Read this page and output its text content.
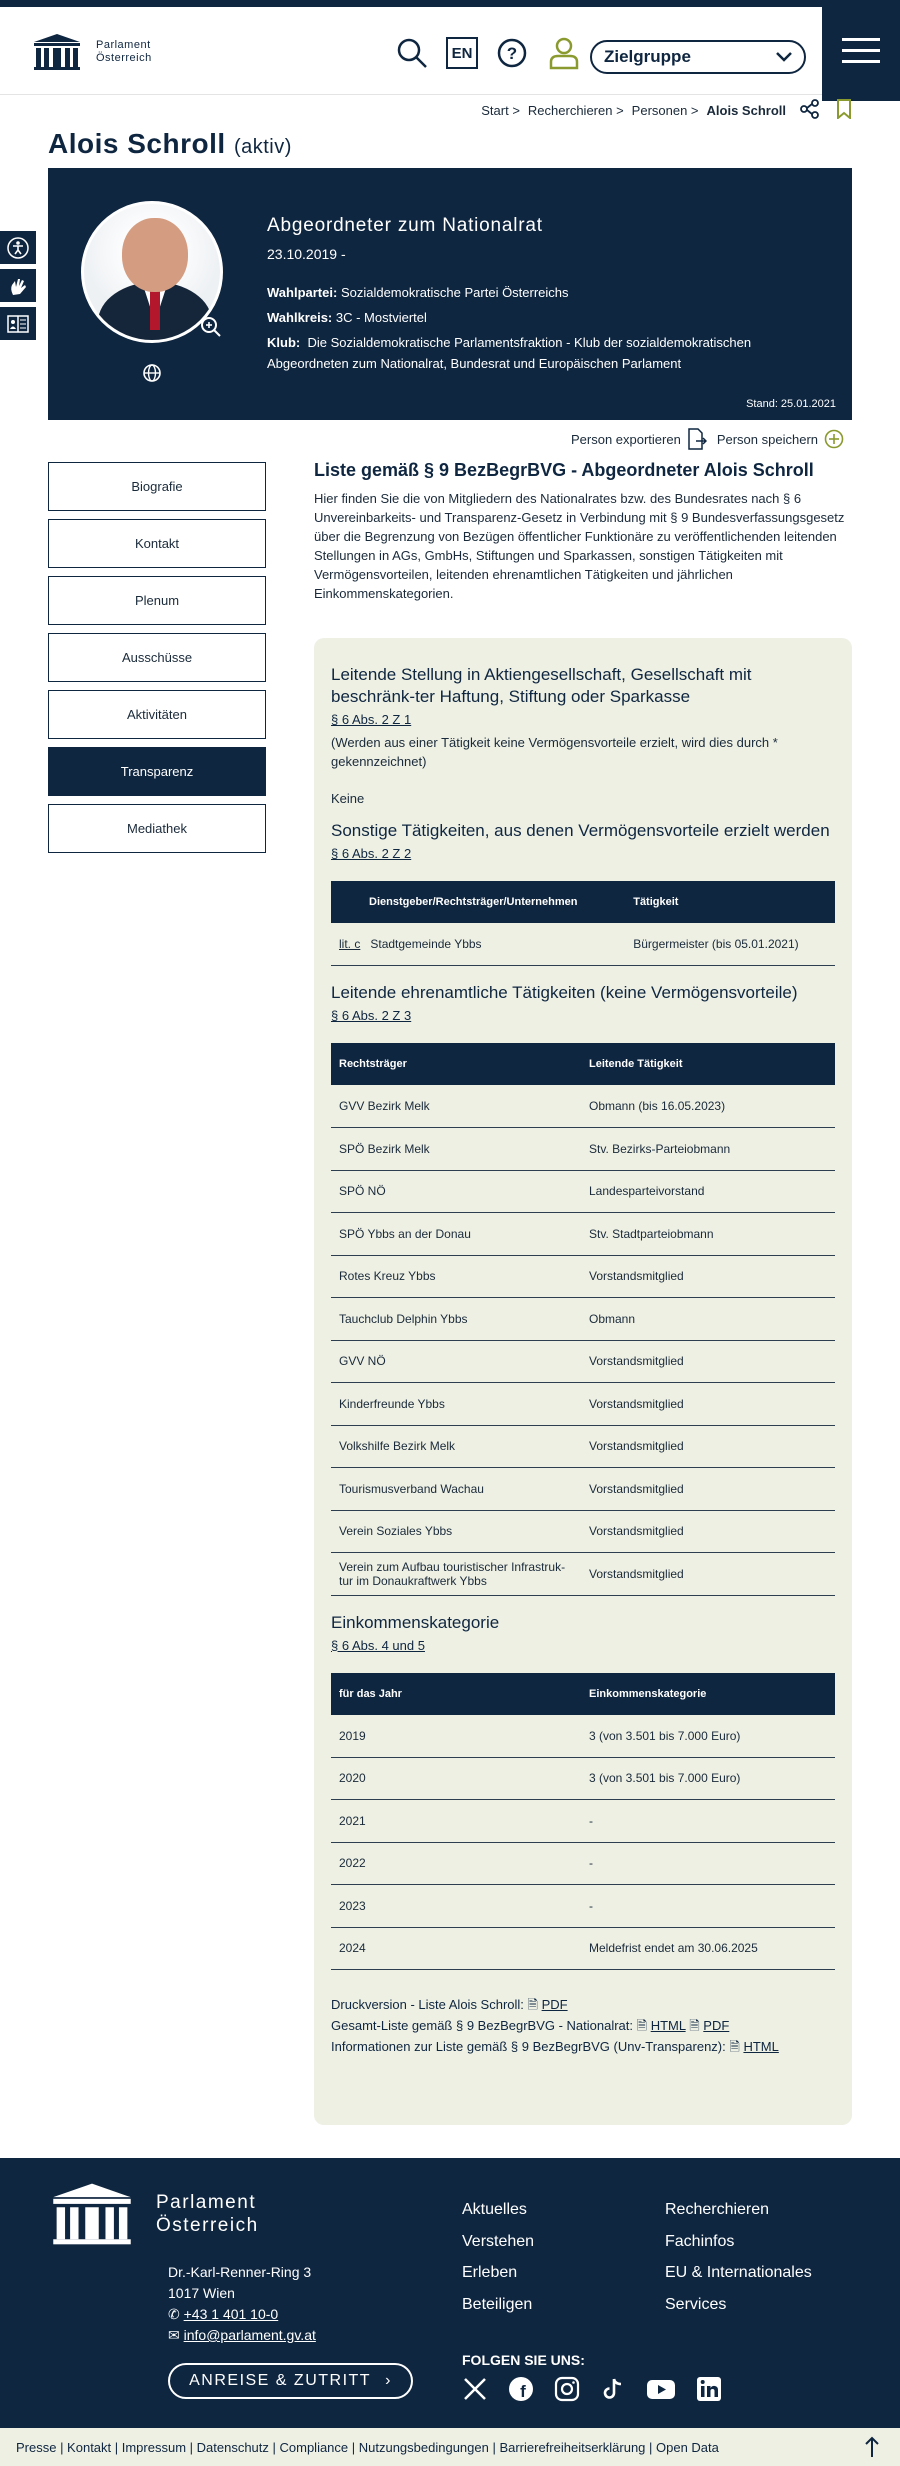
Parlament
Österreich	EN	?	Zielgruppe
Start > Recherchieren > Personen > Alois Schroll
Alois Schroll (aktiv)
Abgeordneter zum Nationalrat
23.10.2019 -
Wahlpartei: Sozialdemokratische Partei Österreichs
Wahlkreis: 3C - Mostviertel
Klub: Die Sozialdemokratische Parlamentsfraktion - Klub der sozialdemokratischen Abgeordneten zum Nationalrat, Bundesrat und Europäischen Parlament
Stand: 25.01.2021
Person exportieren	Person speichern
Biografie
Kontakt
Plenum
Ausschüsse
Aktivitäten
Transparenz
Mediathek
Liste gemäß § 9 BezBegrBVG - Abgeordneter Alois Schroll

Hier finden Sie die von Mitgliedern des Nationalrates bzw. des Bundesrates nach § 6 Unvereinbarkeits- und Transparenz-Gesetz in Verbindung mit § 9 Bundesverfassungsgesetz über die Begrenzung von Bezügen öffentlicher Funktionäre zu veröffentlichenden leitenden Stellungen in AGs, GmbHs, Stiftungen und Sparkassen, sonstigen Tätigkeiten mit Vermögensvorteilen, leitenden ehrenamtlichen Tätigkeiten und jährlichen Einkommenskategorien.

Leitende Stellung in Aktiengesellschaft, Gesellschaft mit beschränk-ter Haftung, Stiftung oder Sparkasse
§ 6 Abs. 2 Z 1
(Werden aus einer Tätigkeit keine Vermögensvorteile erzielt, wird dies durch * gekennzeichnet)
Keine
Sonstige Tätigkeiten, aus denen Vermögensvorteile erzielt werden
§ 6 Abs. 2 Z 2
Dienstgeber/Rechtsträger/Unternehmen	Tätigkeit
lit. c Stadtgemeinde Ybbs	Bürgermeister (bis 05.01.2021)
Leitende ehrenamtliche Tätigkeiten (keine Vermögensvorteile)
§ 6 Abs. 2 Z 3
Rechtsträger	Leitende Tätigkeit
GVV Bezirk Melk	Obmann (bis 16.05.2023)
SPÖ Bezirk Melk	Stv. Bezirks-Parteiobmann
SPÖ NÖ	Landesparteivorstand
SPÖ Ybbs an der Donau	Stv. Stadtparteiobmann
Rotes Kreuz Ybbs	Vorstandsmitglied
Tauchclub Delphin Ybbs	Obmann
GVV NÖ	Vorstandsmitglied
Kinderfreunde Ybbs	Vorstandsmitglied
Volkshilfe Bezirk Melk	Vorstandsmitglied
Tourismusverband Wachau	Vorstandsmitglied
Verein Soziales Ybbs	Vorstandsmitglied
Verein zum Aufbau touristischer Infrastruk-tur im Donaukraftwerk Ybbs	Vorstandsmitglied
Einkommenskategorie
§ 6 Abs. 4 und 5
für das Jahr	Einkommenskategorie
2019	3 (von 3.501 bis 7.000 Euro)
2020	3 (von 3.501 bis 7.000 Euro)
2021	-
2022	-
2023	-
2024	Meldefrist endet am 30.06.2025
Druckversion - Liste Alois Schroll: 🗎 PDF
Gesamt-Liste gemäß § 9 BezBegrBVG - Nationalrat: 🗎 HTML 🗎 PDF
Informationen zur Liste gemäß § 9 BezBegrBVG (Unv-Transparenz): 🗎 HTML
Parlament
Österreich
Dr.-Karl-Renner-Ring 3
1017 Wien
✆ +43 1 401 10-0
✉ info@parlament.gv.at
ANREISE & ZUTRITT ›
Aktuelles
Verstehen
Erleben
Beteiligen
Recherchieren
Fachinfos
EU & Internationales
Services
FOLGEN SIE UNS:
f
Presse | Kontakt | Impressum | Datenschutz | Compliance | Nutzungsbedingungen | Barrierefreiheitserklärung | Open Data
